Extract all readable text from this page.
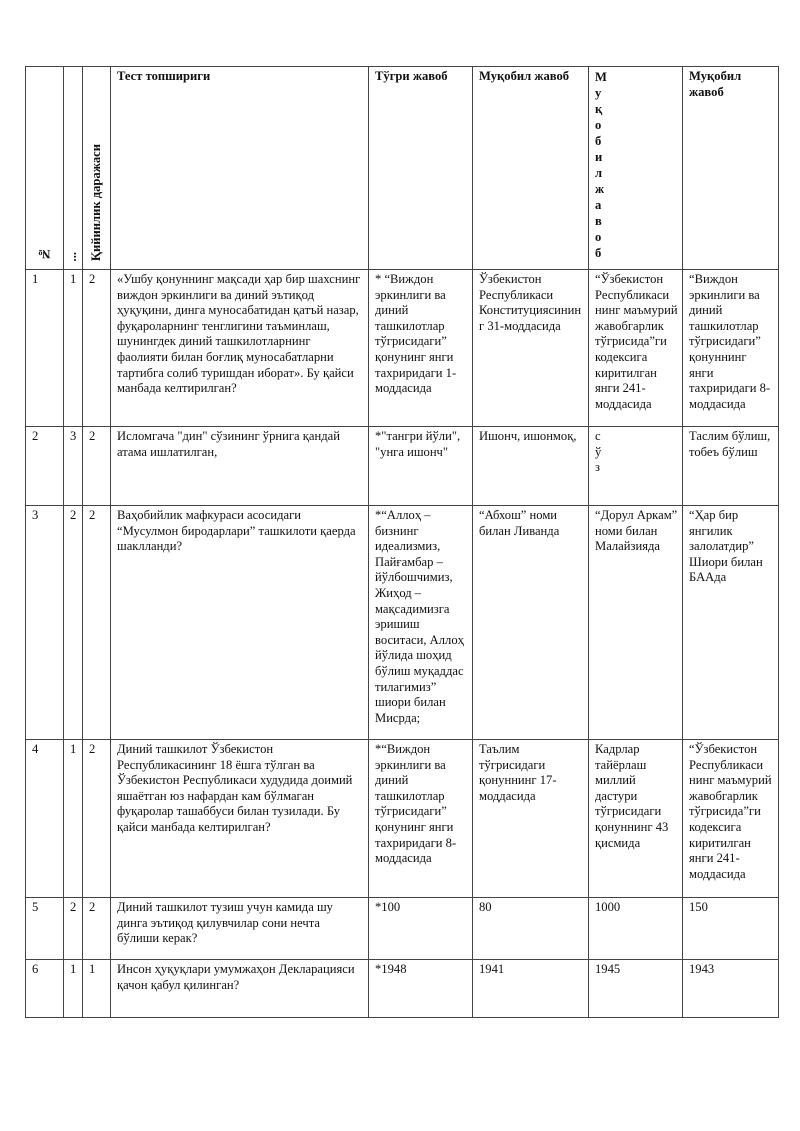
№	...	Қийинлик даражаси	Тест топшириги	Тўгри жавоб	Муқобил жавоб	Муқобил жавоб	Муқобил жавоб
1	1	2	«Ушбу қонуннинг мақсади ҳар бир шахснинг виждон эркинлиги ва диний эътиқод ҳуқуқини, динга муносабатидан қатъй назар, фуқароларнинг тенглигини таъминлаш, шунингдек диний ташкилотларнинг фаолияти билан боғлиқ муносабатларни тартибга солиб туришдан иборат». Бу қайси манбада келтирилган?	* “Виждон эркинлиги ва диний ташкилотлар тўгрисидаги” қонунинг янги тахриридаги 1-моддасида	Ўзбекистон Республикаси Конституциясининг 31-моддасида	“Ўзбекистон Республикаси нинг маъмурий жавобгарлик тўгрисида”ги кодексига киритилган янги 241-моддасида	“Виждон эркинлиги ва диний ташкилотлар тўгрисидаги” қонуннинг янги тахриридаги 8-моддасида
2	3	2	Исломгача "дин" сўзининг ўрнига қандай атама ишлатилган,	*"тангри йўли", "унга ишонч"	Ишонч, ишонмоқ,	сўз	Таслим бўлиш, тобеъ бўлиш
3	2	2	Ваҳобийлик мафкураси асосидаги “Мусулмон биродарлари” ташкилоти қаерда шаклланди?	*“Аллоҳ – бизнинг идеализмиз, Пайғамбар – йўлбошчимиз, Жиҳод – мақсадимизга эришиш воситаси, Аллоҳ йўлида шоҳид бўлиш муқаддас тилагимиз” шиори билан Мисрда;	“Абхош” номи билан Ливанда	“Дорул Аркам” номи билан Малайзияда	“Ҳар бир янгилик залолатдир” Шиори билан БААда
4	1	2	Диний ташкилот Ўзбекистон Республикасининг 18 ёшга тўлган ва Ўзбекистон Республикаси худудида доимий яшаётган юз нафардан кам бўлмаган фуқаролар ташаббуси билан тузилади. Бу қайси манбада келтирилган?	*“Виждон эркинлиги ва диний ташкилотлар тўгрисидаги” қонунинг янги тахриридаги 8-моддасида	Таълим тўгрисидаги қонуннинг 17-моддасида	Кадрлар тайёрлаш миллий дастури тўгрисидаги қонуннинг 43 қисмида	“Ўзбекистон Республикаси нинг маъмурий жавобгарлик тўгрисида”ги кодексига киритилган янги 241-моддасида
5	2	2	Диний ташкилот тузиш учун камида шу динга эътиқод қилувчилар сони нечта бўлиши керак?	*100	80	1000	150
6	1	1	Инсон ҳуқуқлари умумжаҳон Декларацияси қачон қабул қилинган?	*1948	1941	1945	1943
